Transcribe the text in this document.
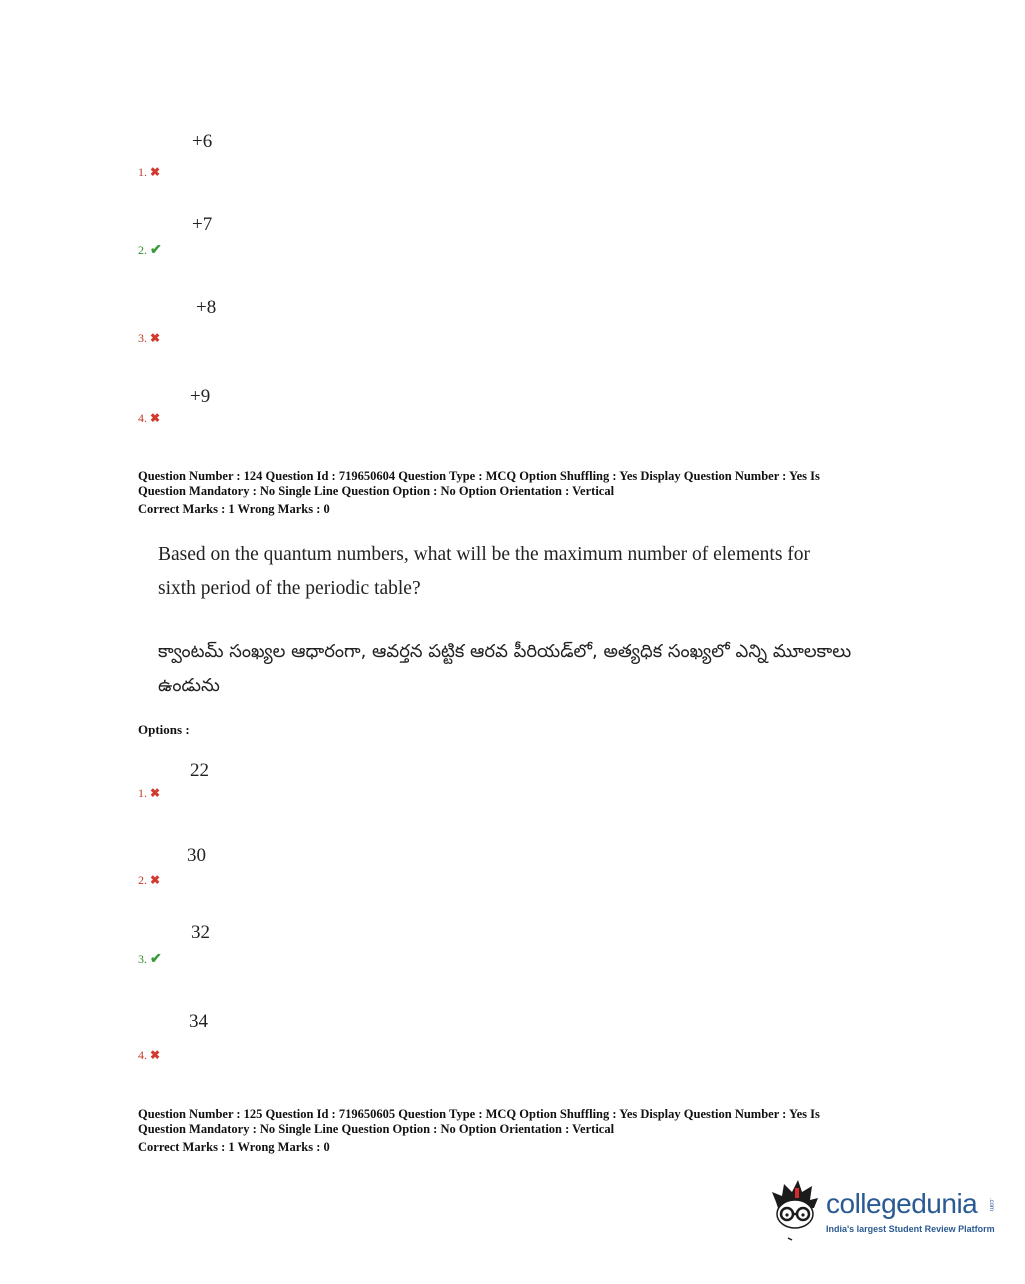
+6
1. ✖
+7
2. ✔
+8
3. ✖
+9
4. ✖
Question Number : 124 Question Id : 719650604 Question Type : MCQ Option Shuffling : Yes Display Question Number : Yes Is
Question Mandatory : No Single Line Question Option : No Option Orientation : Vertical
Correct Marks : 1 Wrong Marks : 0
Based on the quantum numbers, what will be the maximum number of elements for
sixth period of the periodic table?
క్వాంటమ్ సంఖ్యల ఆధారంగా, ఆవర్తన పట్టిక ఆరవ పీరియడ్‌లో, అత్యధిక సంఖ్యలో ఎన్ని మూలకాలు
ఉండును
Options :
22
1. ✖
30
2. ✖
32
3. ✔
34
4. ✖
Question Number : 125 Question Id : 719650605 Question Type : MCQ Option Shuffling : Yes Display Question Number : Yes Is
Question Mandatory : No Single Line Question Option : No Option Orientation : Vertical
Correct Marks : 1 Wrong Marks : 0
collegedunia .com
India's largest Student Review Platform
